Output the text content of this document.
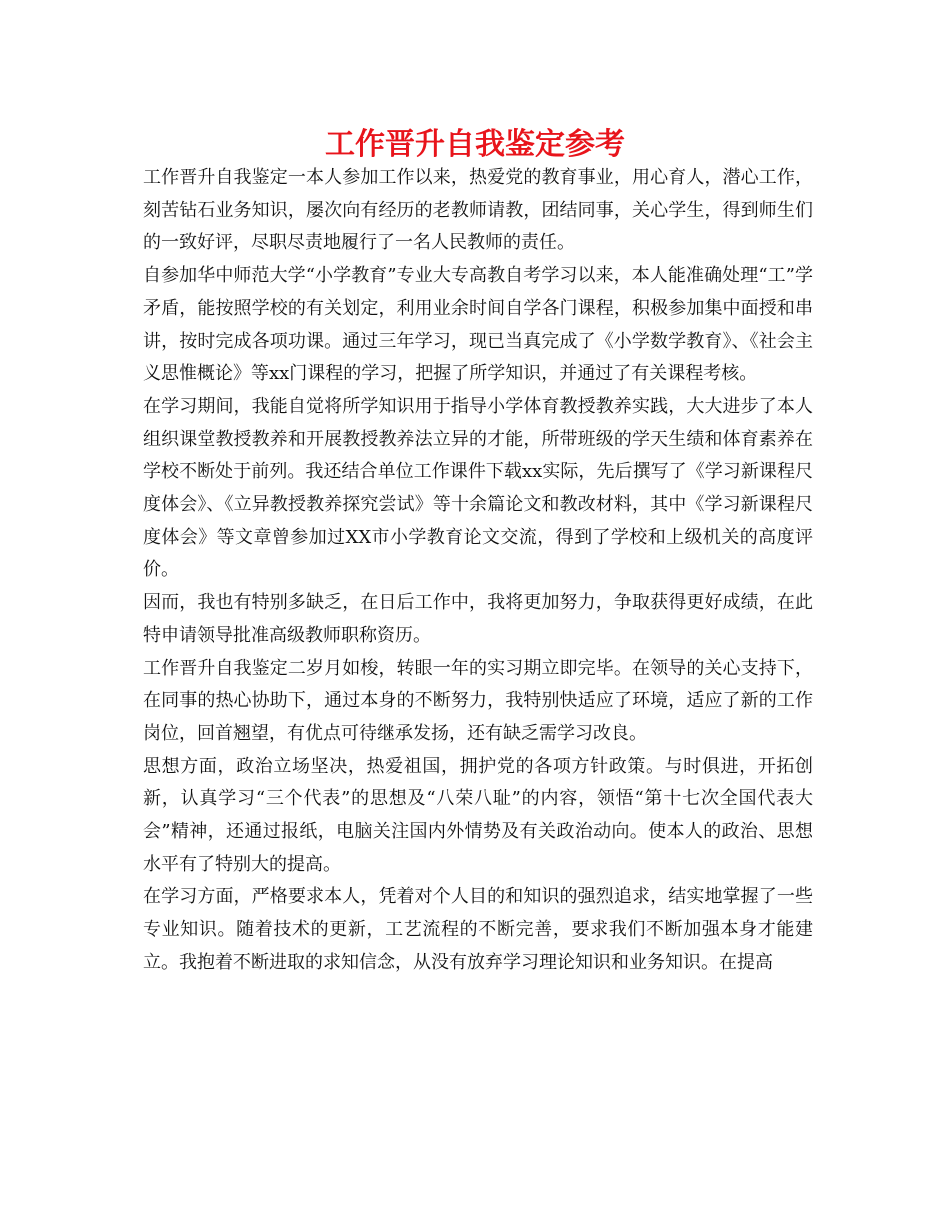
工作晋升自我鉴定参考

工作晋升自我鉴定一本人参加工作以来，热爱党的教育事业，用心育人，潜心工作，刻苦钻石业务知识，屡次向有经历的老教师请教，团结同事，关心学生，得到师生们的一致好评，尽职尽责地履行了一名人民教师的责任。

自参加华中师范大学“小学教育”专业大专高教自考学习以来，本人能准确处理“工”学矛盾，能按照学校的有关划定，利用业余时间自学各门课程，积极参加集中面授和串讲，按时完成各项功课。通过三年学习，现已当真完成了《小学数学教育》、《社会主义思惟概论》等xx门课程的学习，把握了所学知识，并通过了有关课程考核。

在学习期间，我能自觉将所学知识用于指导小学体育教授教养实践，大大进步了本人组织课堂教授教养和开展教授教养法立异的才能，所带班级的学天生绩和体育素养在学校不断处于前列。我还结合单位工作课件下载xx实际，先后撰写了《学习新课程尺度体会》、《立异教授教养探究尝试》等十余篇论文和教改材料，其中《学习新课程尺度体会》等文章曾参加过XX市小学教育论文交流，得到了学校和上级机关的高度评价。

因而，我也有特别多缺乏，在日后工作中，我将更加努力，争取获得更好成绩，在此特申请领导批准高级教师职称资历。

工作晋升自我鉴定二岁月如梭，转眼一年的实习期立即完毕。在领导的关心支持下，在同事的热心协助下，通过本身的不断努力，我特别快适应了环境，适应了新的工作岗位，回首翘望，有优点可待继承发扬，还有缺乏需学习改良。

思想方面，政治立场坚决，热爱祖国，拥护党的各项方针政策。与时俱进，开拓创新，认真学习“三个代表”的思想及“八荣八耻”的内容，领悟“第十七次全国代表大会”精神，还通过报纸，电脑关注国内外情势及有关政治动向。使本人的政治、思想水平有了特别大的提高。

在学习方面，严格要求本人，凭着对个人目的和知识的强烈追求，结实地掌握了一些专业知识。随着技术的更新，工艺流程的不断完善，要求我们不断加强本身才能建立。我抱着不断进取的求知信念，从没有放弃学习理论知识和业务知识。在提高
